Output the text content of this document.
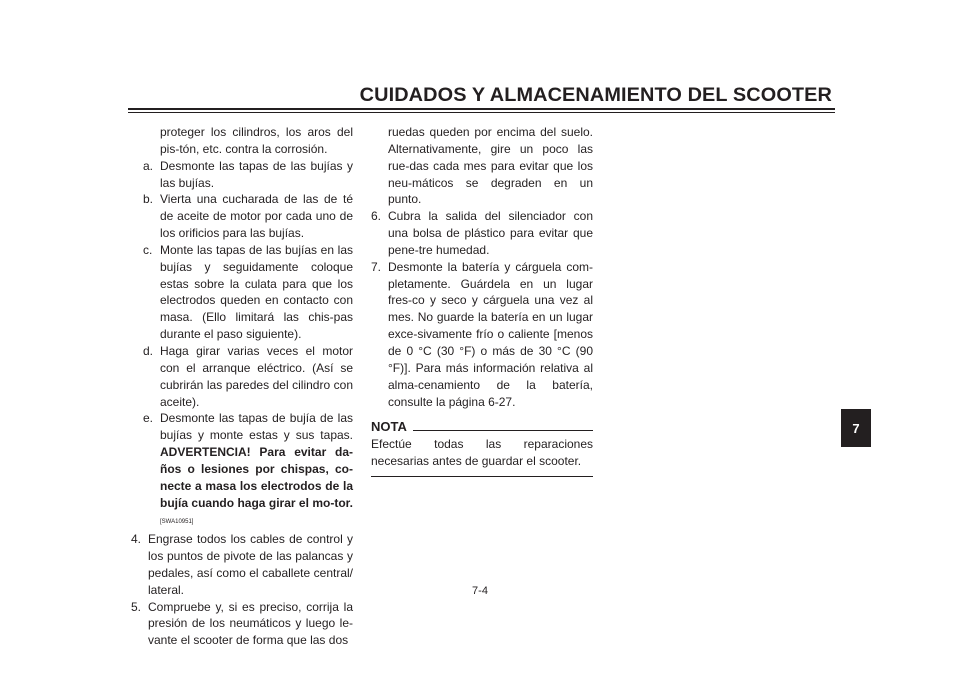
CUIDADOS Y ALMACENAMIENTO DEL SCOOTER

proteger los cilindros, los aros del pis-tón, etc. contra la corrosión.

a. Desmonte las tapas de las bujías y las bujías.
b. Vierta una cucharada de las de té de aceite de motor por cada uno de los orificios para las bujías.
c. Monte las tapas de las bujías en las bujías y seguidamente coloque estas sobre la culata para que los electrodos queden en contacto con masa. (Ello limitará las chis-pas durante el paso siguiente).
d. Haga girar varias veces el motor con el arranque eléctrico. (Así se cubrirán las paredes del cilindro con aceite).
e. Desmonte las tapas de bujía de las bujías y monte estas y sus tapas. ADVERTENCIA! Para evitar da-ños o lesiones por chispas, co-necte a masa los electrodos de la bujía cuando haga girar el mo-tor.[SWA10951]
4. Engrase todos los cables de control y los puntos de pivote de las palancas y pedales, así como el caballete central/ lateral.
5. Compruebe y, si es preciso, corrija la presión de los neumáticos y luego le-vante el scooter de forma que las dos

ruedas queden por encima del suelo. Alternativamente, gire un poco las rue-das cada mes para evitar que los neu-máticos se degraden en un punto.

6. Cubra la salida del silenciador con una bolsa de plástico para evitar que pene-tre humedad.
7. Desmonte la batería y cárguela com-pletamente. Guárdela en un lugar fres-co y seco y cárguela una vez al mes. No guarde la batería en un lugar exce-sivamente frío o caliente [menos de 0 °C (30 °F) o más de 30 °C (90 °F)]. Para más información relativa al alma-cenamiento de la batería, consulte la página 6-27.
NOTA

Efectúe todas las reparaciones necesarias antes de guardar el scooter.

7
7-4
